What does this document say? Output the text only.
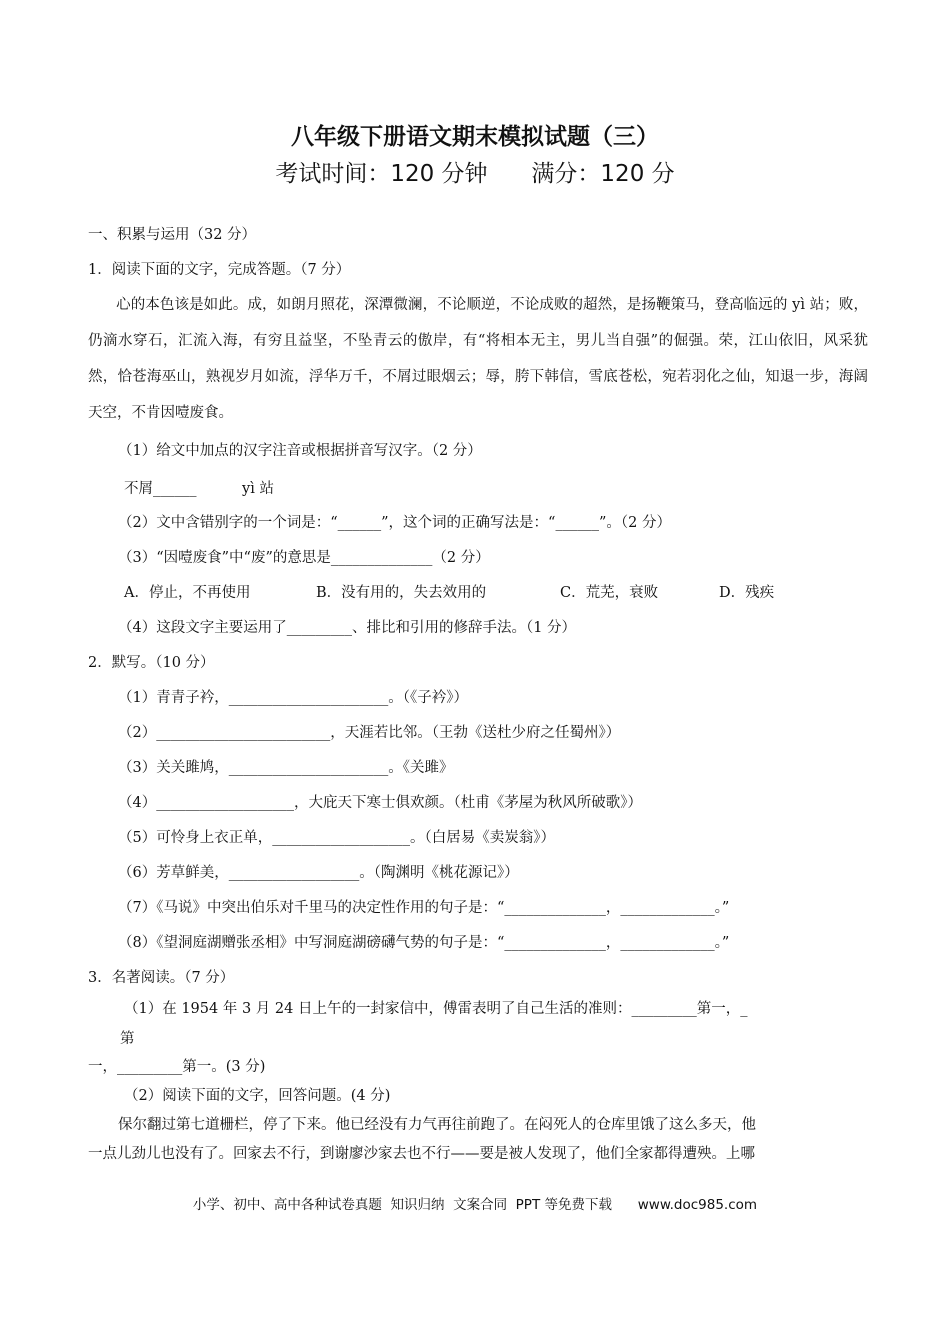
八年级下册语文期末模拟试题（三）
考试时间：120 分钟      满分：120 分
一、积累与运用（32 分）
1．阅读下面的文字，完成答题。（7 分）
心的本色该是如此。成，如朗月照花，深潭微澜，不论顺逆，不论成败的超然，是扬鞭策马，登高临远的 yì 站；败，仍滴水穿石，汇流入海，有穷且益坚，不坠青云的傲岸，有“将相本无主，男儿当自强”的倔强。荣，江山依旧，风采犹然，恰苍海巫山，熟视岁月如流，浮华万千，不屑过眼烟云；辱，胯下韩信，雪底苍松，宛若羽化之仙，知退一步，海阔天空，不肯因噎废食。
（1）给文中加点的汉字注音或根据拼音写汉字。（2 分）
不屑______	yì 站
（2）文中含错别字的一个词是：“______”，这个词的正确写法是：“______”。（2 分）
（3）“因噎废食”中“废”的意思是______________（2 分）
A．停止，不再使用	B．没有用的，失去效用的	C．荒芜，衰败	D．残疾
（4）这段文字主要运用了_________、排比和引用的修辞手法。（1 分）
2．默写。（10 分）
（1）青青子衿，______________________。（《子衿》）
（2）________________________，天涯若比邻。（王勃《送杜少府之任蜀州》）
（3）关关雎鸠，______________________。《关雎》
（4）___________________，大庇天下寒士俱欢颜。（杜甫《茅屋为秋风所破歌》）
（5）可怜身上衣正单，___________________。（白居易《卖炭翁》）
（6）芳草鲜美，__________________。（陶渊明《桃花源记》）
（7）《马说》中突出伯乐对千里马的决定性作用的句子是：“______________，_____________。”
（8）《望洞庭湖赠张丞相》中写洞庭湖磅礴气势的句子是：“______________，_____________。”
3．名著阅读。（7 分）
（1）在 1954 年 3 月 24 日上午的一封家信中，傅雷表明了自己生活的准则：_________第一，_
第
一，_________第一。(3 分)
（2）阅读下面的文字，回答问题。(4 分)
保尔翻过第七道栅栏，停了下来。他已经没有力气再往前跑了。在闷死人的仓库里饿了这么多天，他
一点儿劲儿也没有了。回家去不行，到谢廖沙家去也不行——要是被人发现了，他们全家都得遭殃。上哪
小学、初中、高中各种试卷真题  知识归纳  文案合同  PPT 等免费下载      www.doc985.com
